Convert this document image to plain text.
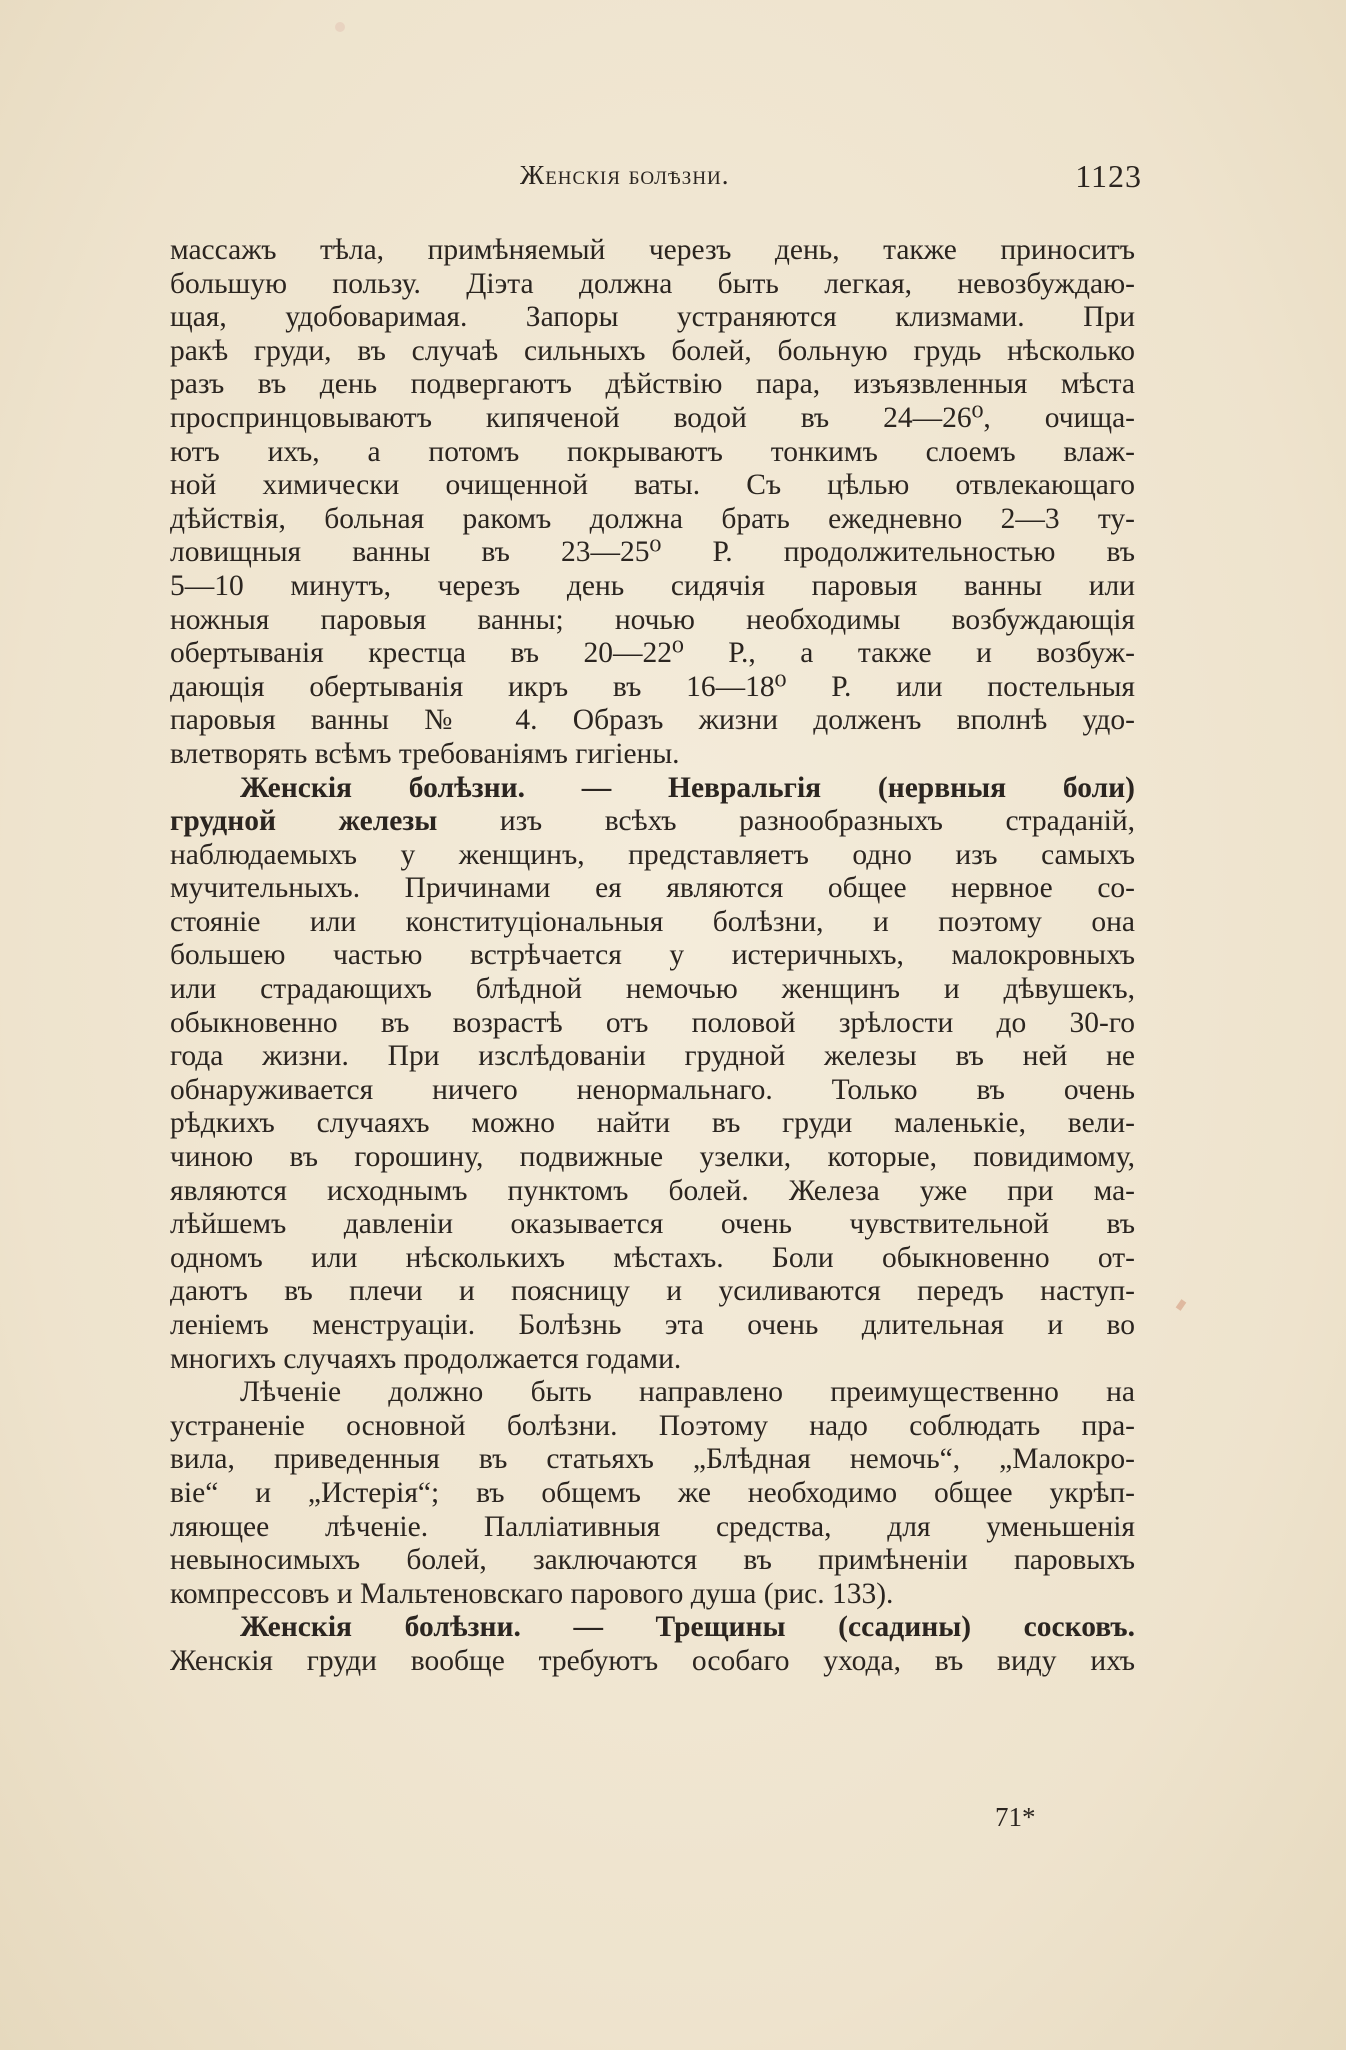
Женскія болѣзни.	1123
массажъ тѣла, примѣняемый черезъ день, также приноситъ
большую пользу. Діэта должна быть легкая, невозбуждаю-
щая, удобоваримая. Запоры устраняются клизмами. При
ракѣ груди, въ случаѣ сильныхъ болей, больную грудь нѣсколько
разъ въ день подвергаютъ дѣйствію пара, изъязвленныя мѣста
проспринцовываютъ кипяченой водой въ 24—26⁰, очища-
ютъ ихъ, а потомъ покрываютъ тонкимъ слоемъ влаж-
ной химически очищенной ваты. Съ цѣлью отвлекающаго
дѣйствія, больная ракомъ должна брать ежедневно 2—3 ту-
ловищныя ванны въ 23—25⁰ Р. продолжительностью въ
5—10 минутъ, черезъ день сидячія паровыя ванны или
ножныя паровыя ванны; ночью необходимы возбуждающія
обертыванія крестца въ 20—22⁰ Р., а также и возбуж-
дающія обертыванія икръ въ 16—18⁰ Р. или постельныя
паровыя ванны № 4. Образъ жизни долженъ вполнѣ удо-
влетворять всѣмъ требованіямъ гигіены.
Женскія болѣзни. — Невральгія (нервныя боли)
грудной железы изъ всѣхъ разнообразныхъ страданій,
наблюдаемыхъ у женщинъ, представляетъ одно изъ самыхъ
мучительныхъ. Причинами ея являются общее нервное со-
стояніе или конституціональныя болѣзни, и поэтому она
большею частью встрѣчается у истеричныхъ, малокровныхъ
или страдающихъ блѣдной немочью женщинъ и дѣвушекъ,
обыкновенно въ возрастѣ отъ половой зрѣлости до 30-го
года жизни. При изслѣдованіи грудной железы въ ней не
обнаруживается ничего ненормальнаго. Только въ очень
рѣдкихъ случаяхъ можно найти въ груди маленькіе, вели-
чиною въ горошину, подвижные узелки, которые, повидимому,
являются исходнымъ пунктомъ болей. Железа уже при ма-
лѣйшемъ давленіи оказывается очень чувствительной въ
одномъ или нѣсколькихъ мѣстахъ. Боли обыкновенно от-
даютъ въ плечи и поясницу и усиливаются передъ наступ-
леніемъ менструаціи. Болѣзнь эта очень длительная и во
многихъ случаяхъ продолжается годами.
Лѣченіе должно быть направлено преимущественно на
устраненіе основной болѣзни. Поэтому надо соблюдать пра-
вила, приведенныя въ статьяхъ „Блѣдная немочь“, „Малокро-
віе“ и „Истерія“; въ общемъ же необходимо общее укрѣп-
ляющее лѣченіе. Палліативныя средства, для уменьшенія
невыносимыхъ болей, заключаются въ примѣненіи паровыхъ
компрессовъ и Мальтеновскаго парового душа (рис. 133).
Женскія болѣзни. — Трещины (ссадины) сосковъ.
Женскія груди вообще требуютъ особаго ухода, въ виду ихъ
71*
